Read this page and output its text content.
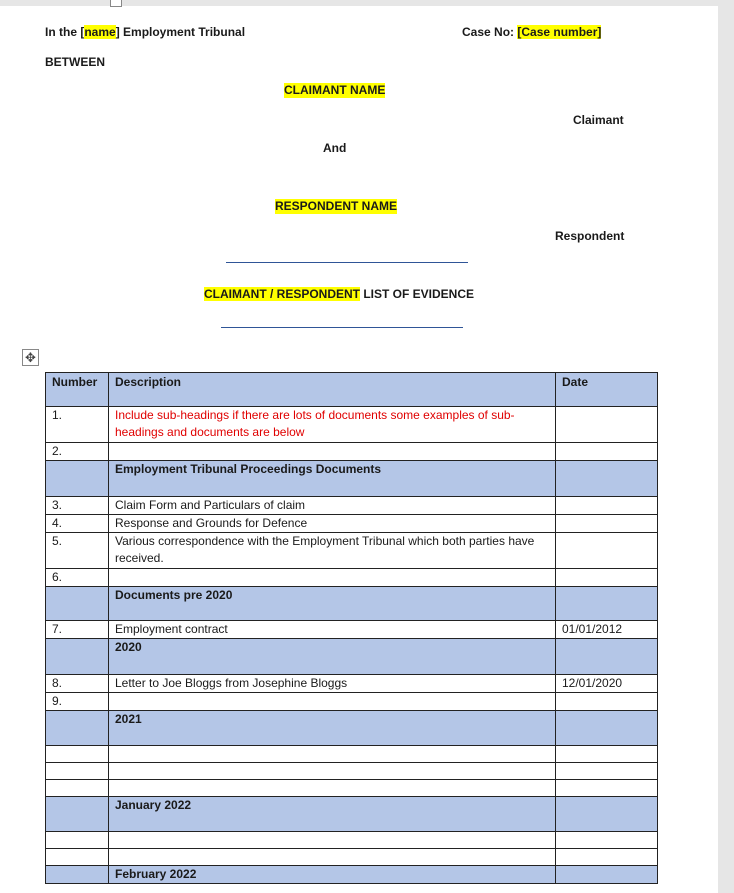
In the [name] Employment Tribunal	Case No: [Case number]
BETWEEN
CLAIMANT NAME
Claimant
And
RESPONDENT NAME
Respondent
CLAIMANT / RESPONDENT LIST OF EVIDENCE
✥
Number	Description	Date
1.	Include sub-headings if there are lots of documents some examples of sub-headings and documents are below	
2.		
	Employment Tribunal Proceedings Documents	
3.	Claim Form and Particulars of claim	
4.	Response and Grounds for Defence	
5.	Various correspondence with the Employment Tribunal which both parties have received.	
6.		
	Documents pre 2020	
7.	Employment contract	01/01/2012
	2020	
8.	Letter to Joe Bloggs from Josephine Bloggs	12/01/2020
9.		
	2021	

	January 2022	

	February 2022	
